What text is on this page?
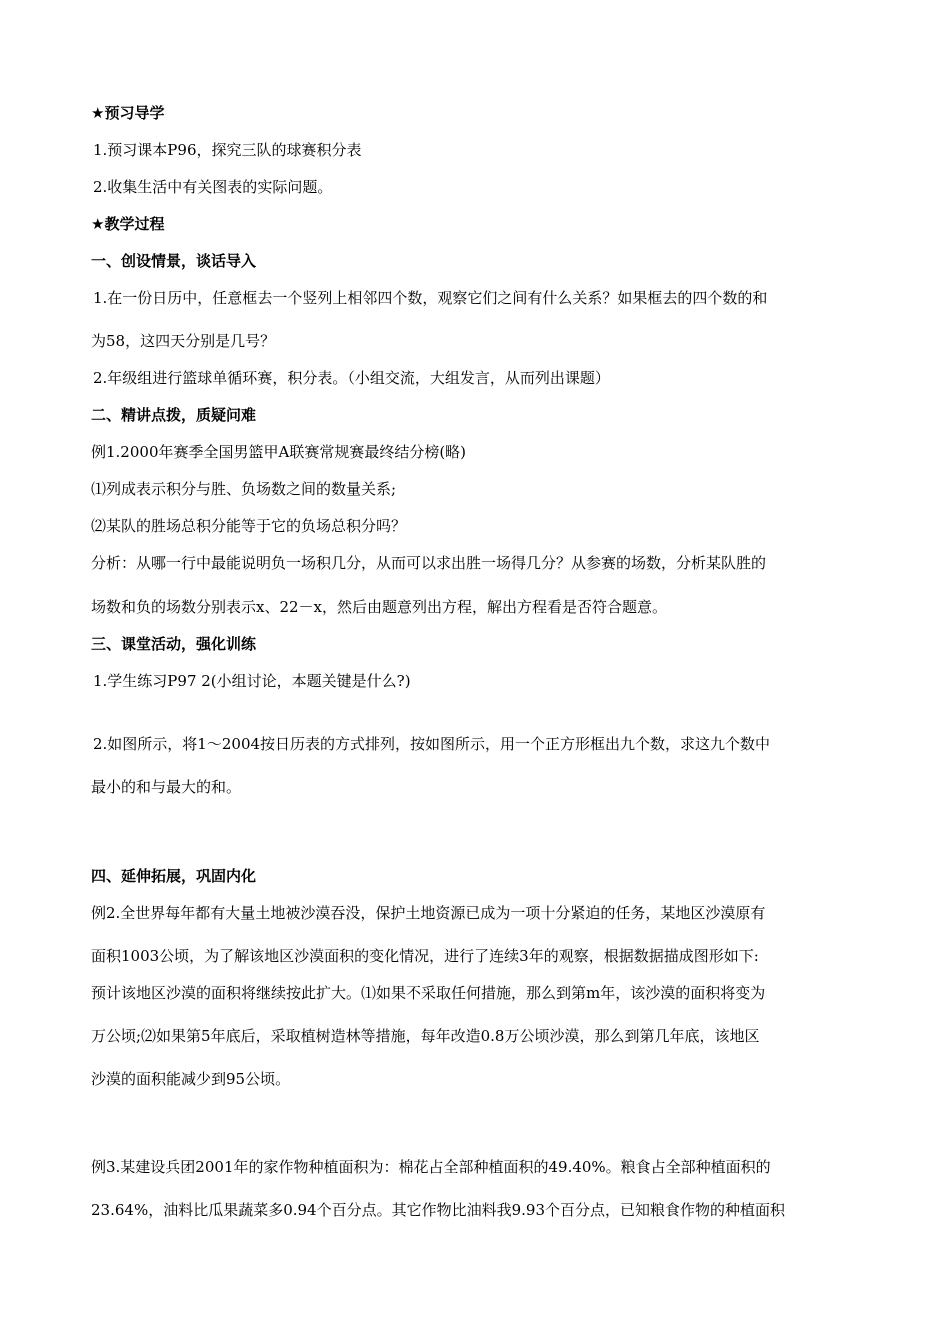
★预习导学
1.预习课本P96，探究三队的球赛积分表
2.收集生活中有关图表的实际问题。
★教学过程
一、创设情景，谈话导入
1.在一份日历中，任意框去一个竖列上相邻四个数，观察它们之间有什么关系？如果框去的四个数的和
为58，这四天分别是几号？
2.年级组进行篮球单循环赛，积分表。（小组交流，大组发言，从而列出课题）
二、精讲点拨，质疑问难
例1.2000年赛季全国男篮甲A联赛常规赛最终结分榜(略)
⑴列成表示积分与胜、负场数之间的数量关系;
⑵某队的胜场总积分能等于它的负场总积分吗？
分析：从哪一行中最能说明负一场积几分，从而可以求出胜一场得几分？从参赛的场数，分析某队胜的
场数和负的场数分别表示x、22－x，然后由题意列出方程，解出方程看是否符合题意。
三、课堂活动，强化训练
1.学生练习P97 2(小组讨论，本题关键是什么?)
2.如图所示，将1～2004按日历表的方式排列，按如图所示，用一个正方形框出九个数，求这九个数中
最小的和与最大的和。
四、延伸拓展，巩固内化
例2.全世界每年都有大量土地被沙漠吞没，保护土地资源已成为一项十分紧迫的任务，某地区沙漠原有
面积1003公顷，为了解该地区沙漠面积的变化情况，进行了连续3年的观察，根据数据描成图形如下:
预计该地区沙漠的面积将继续按此扩大。⑴如果不采取任何措施，那么到第m年，该沙漠的面积将变为
万公顷;⑵如果第5年底后，采取植树造林等措施，每年改造0.8万公顷沙漠，那么到第几年底，该地区
沙漠的面积能减少到95公顷。
例3.某建设兵团2001年的家作物种植面积为：棉花占全部种植面积的49.40%。粮食占全部种植面积的
23.64%，油料比瓜果蔬菜多0.94个百分点。其它作物比油料我9.93个百分点，已知粮食作物的种植面积
